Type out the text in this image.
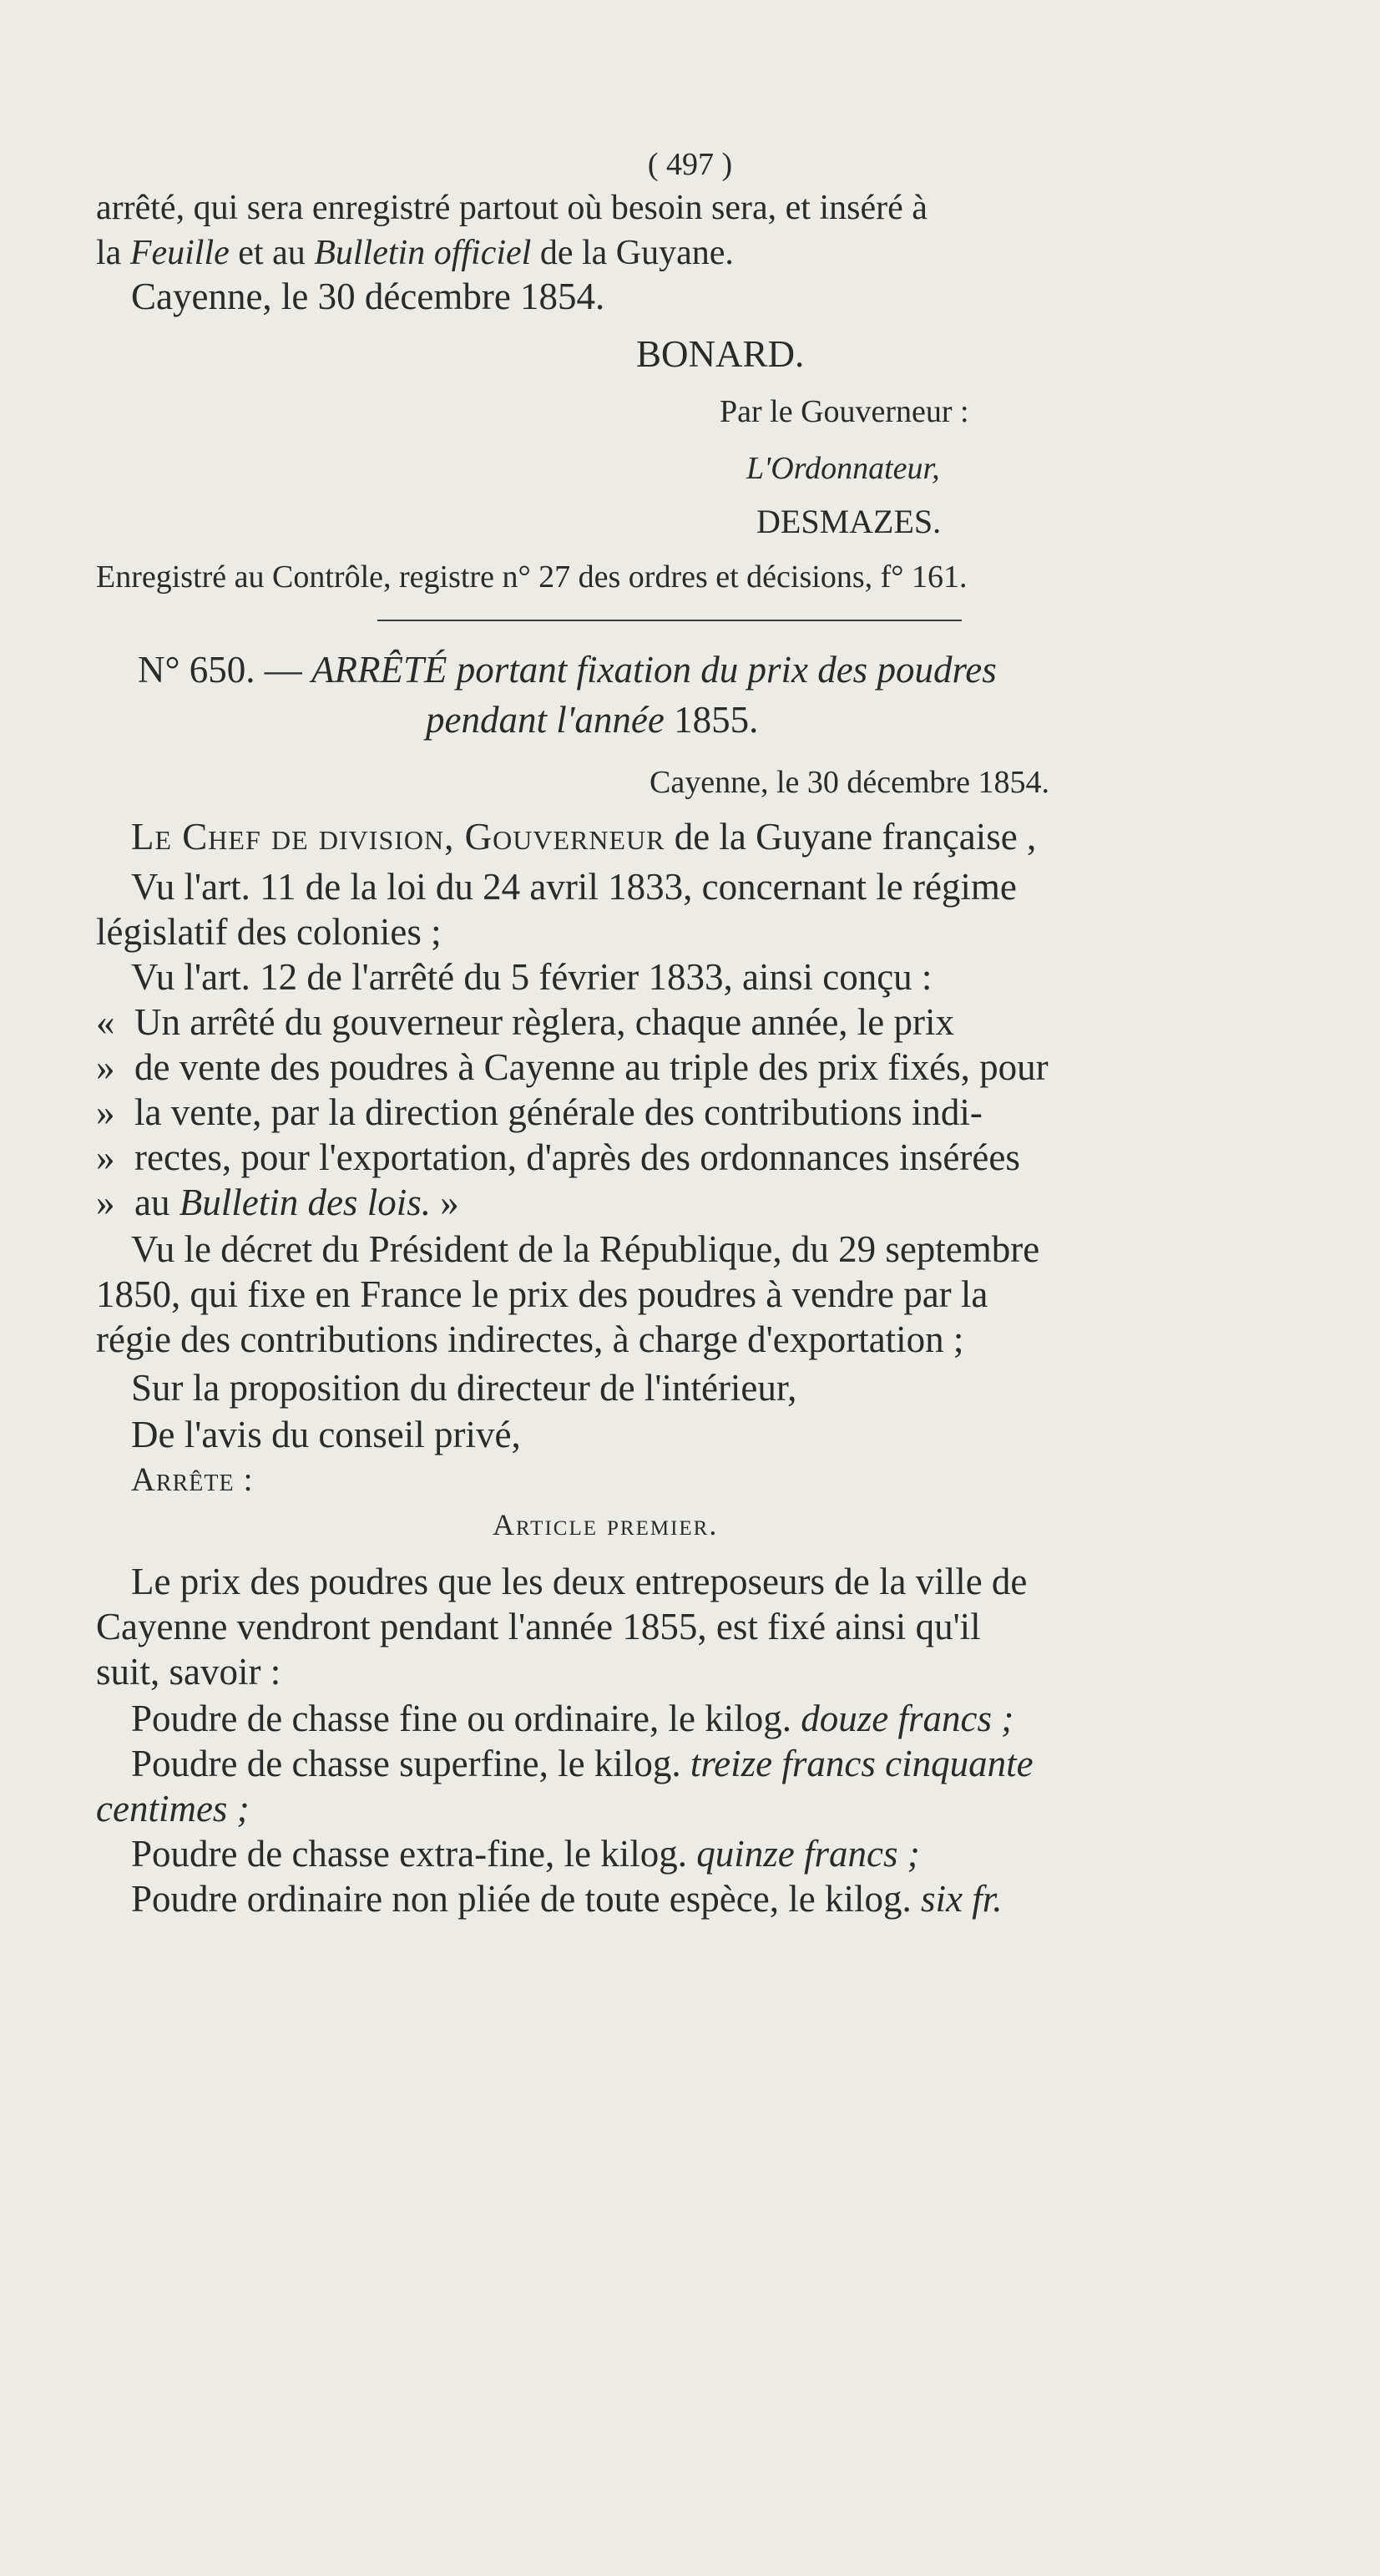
( 497 )
arrêté, qui sera enregistré partout où besoin sera, et inséré à
la Feuille et au Bulletin officiel de la Guyane.
Cayenne, le 30 décembre 1854.
BONARD.
Par le Gouverneur :
L'Ordonnateur,
DESMAZES.
Enregistré au Contrôle, registre n° 27 des ordres et décisions, f° 161.
N° 650. — ARRÊTÉ portant fixation du prix des poudres
pendant l'année 1855.
Cayenne, le 30 décembre 1854.
Le Chef de division, Gouverneur de la Guyane française ,
Vu l'art. 11 de la loi du 24 avril 1833, concernant le régime
législatif des colonies ;
Vu l'art. 12 de l'arrêté du 5 février 1833, ainsi conçu :
« Un arrêté du gouverneur règlera, chaque année, le prix
» de vente des poudres à Cayenne au triple des prix fixés, pour
» la vente, par la direction générale des contributions indi-
» rectes, pour l'exportation, d'après des ordonnances insérées
» au Bulletin des lois. »
Vu le décret du Président de la République, du 29 septembre
1850, qui fixe en France le prix des poudres à vendre par la
régie des contributions indirectes, à charge d'exportation ;
Sur la proposition du directeur de l'intérieur,
De l'avis du conseil privé,
Arrête :
Article premier.
Le prix des poudres que les deux entreposeurs de la ville de
Cayenne vendront pendant l'année 1855, est fixé ainsi qu'il
suit, savoir :
Poudre de chasse fine ou ordinaire, le kilog. douze francs ;
Poudre de chasse superfine, le kilog. treize francs cinquante
centimes ;
Poudre de chasse extra-fine, le kilog. quinze francs ;
Poudre ordinaire non pliée de toute espèce, le kilog. six fr.
